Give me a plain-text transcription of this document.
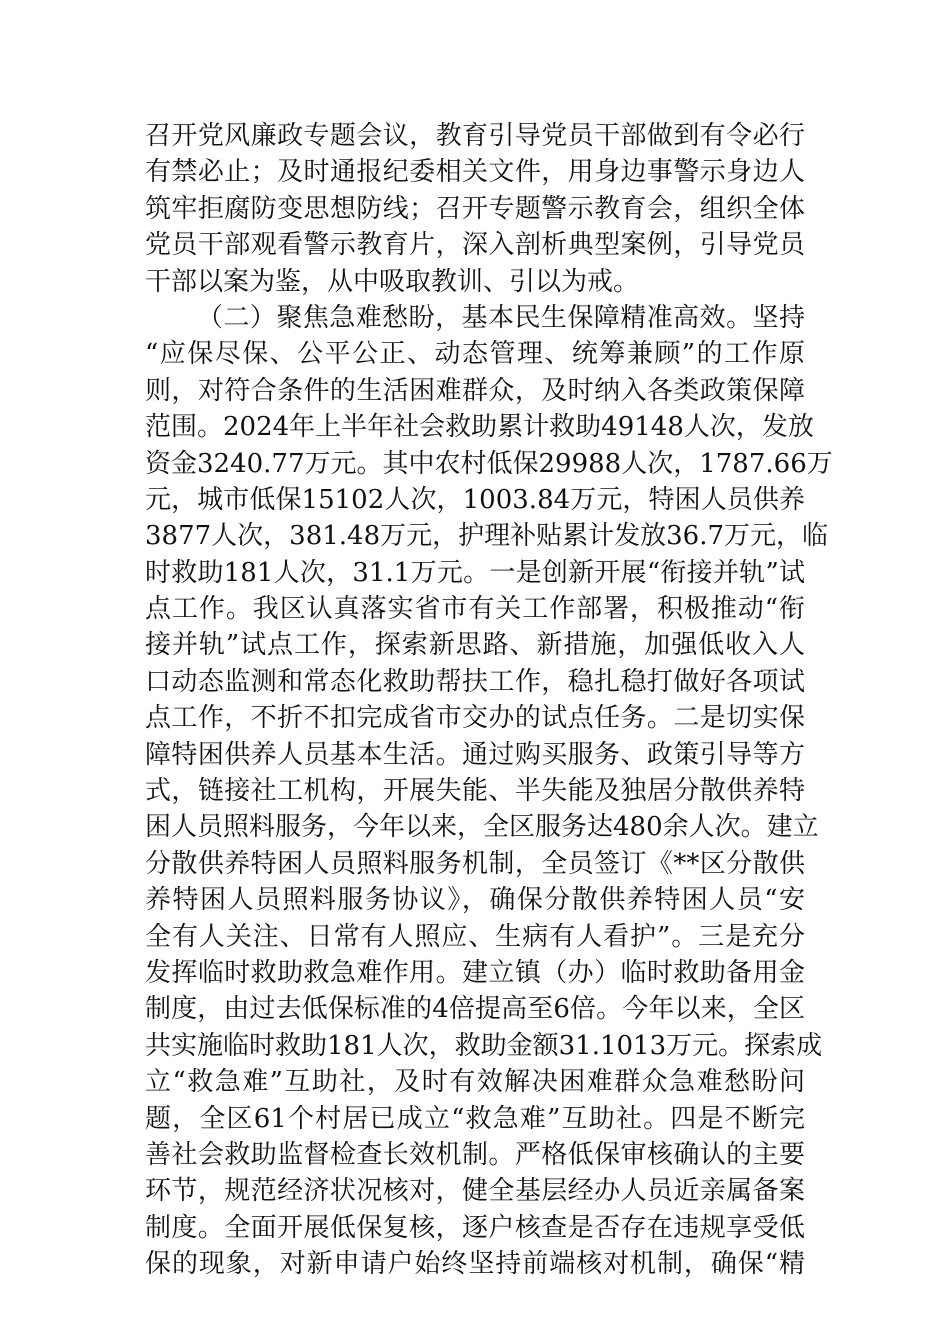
召开党风廉政专题会议，教育引导党员干部做到有令必行
有禁必止；及时通报纪委相关文件，用身边事警示身边人
筑牢拒腐防变思想防线；召开专题警示教育会，组织全体
党员干部观看警示教育片，深入剖析典型案例，引导党员
干部以案为鉴，从中吸取教训、引以为戒。
（二）聚焦急难愁盼，基本民生保障精准高效。坚持
“应保尽保、公平公正、动态管理、统筹兼顾”的工作原
则，对符合条件的生活困难群众，及时纳入各类政策保障
范围。2024年上半年社会救助累计救助49148人次，发放
资金3240.77万元。其中农村低保29988人次，1787.66万
元，城市低保15102人次，1003.84万元，特困人员供养
3877人次，381.48万元，护理补贴累计发放36.7万元，临
时救助181人次，31.1万元。一是创新开展“衔接并轨”试
点工作。我区认真落实省市有关工作部署，积极推动“衔
接并轨”试点工作，探索新思路、新措施，加强低收入人
口动态监测和常态化救助帮扶工作，稳扎稳打做好各项试
点工作，不折不扣完成省市交办的试点任务。二是切实保
障特困供养人员基本生活。通过购买服务、政策引导等方
式，链接社工机构，开展失能、半失能及独居分散供养特
困人员照料服务，今年以来，全区服务达480余人次。建立
分散供养特困人员照料服务机制，全员签订《**区分散供
养特困人员照料服务协议》，确保分散供养特困人员“安
全有人关注、日常有人照应、生病有人看护”。三是充分
发挥临时救助救急难作用。建立镇（办）临时救助备用金
制度，由过去低保标准的4倍提高至6倍。今年以来，全区
共实施临时救助181人次，救助金额31.1013万元。探索成
立“救急难”互助社，及时有效解决困难群众急难愁盼问
题，全区61个村居已成立“救急难”互助社。四是不断完
善社会救助监督检查长效机制。严格低保审核确认的主要
环节，规范经济状况核对，健全基层经办人员近亲属备案
制度。全面开展低保复核，逐户核查是否存在违规享受低
保的现象，对新申请户始终坚持前端核对机制，确保“精
